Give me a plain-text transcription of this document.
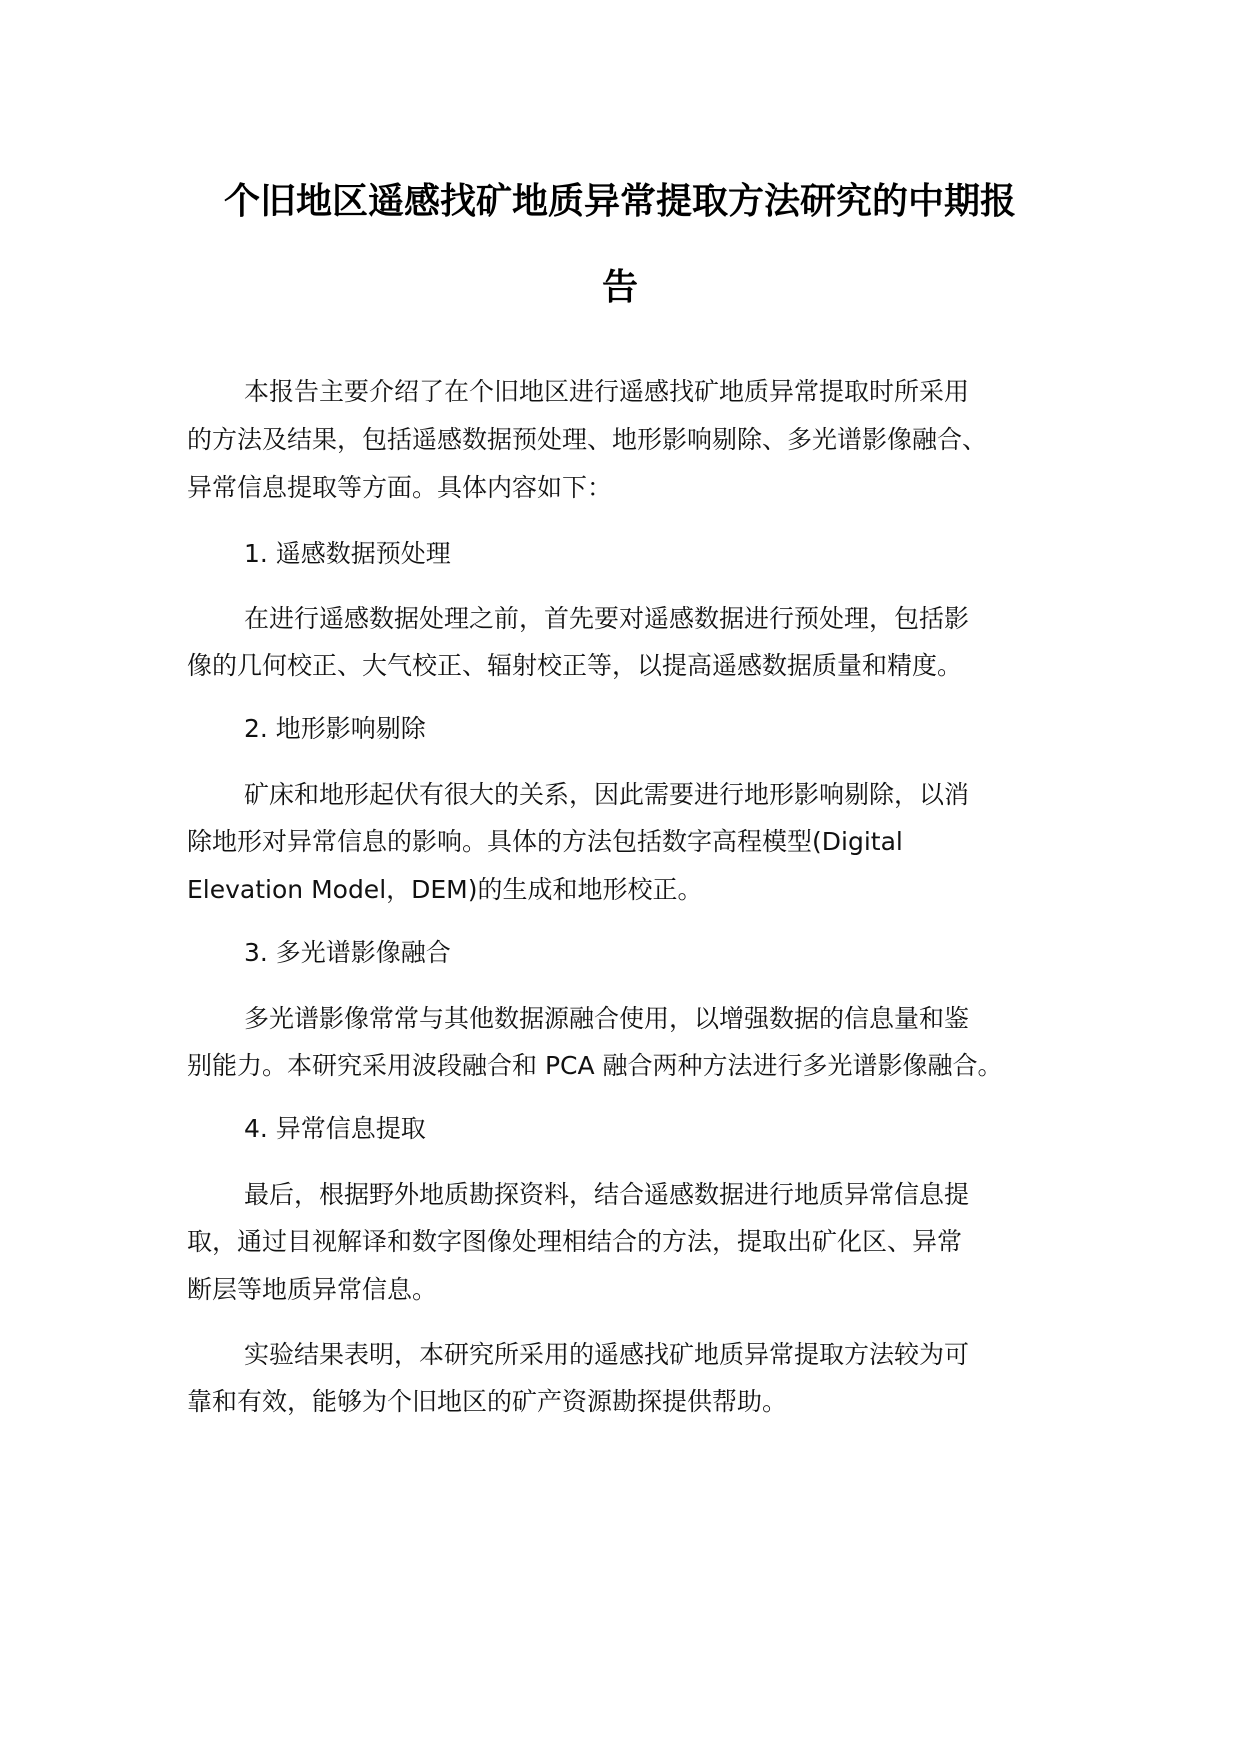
个旧地区遥感找矿地质异常提取方法研究的中期报
告
本报告主要介绍了在个旧地区进行遥感找矿地质异常提取时所采用
的方法及结果，包括遥感数据预处理、地形影响剔除、多光谱影像融合、
异常信息提取等方面。具体内容如下：
1. 遥感数据预处理
在进行遥感数据处理之前，首先要对遥感数据进行预处理，包括影
像的几何校正、大气校正、辐射校正等，以提高遥感数据质量和精度。
2. 地形影响剔除
矿床和地形起伏有很大的关系，因此需要进行地形影响剔除，以消
除地形对异常信息的影响。具体的方法包括数字高程模型(Digital
Elevation Model，DEM)的生成和地形校正。
3. 多光谱影像融合
多光谱影像常常与其他数据源融合使用，以增强数据的信息量和鉴
别能力。本研究采用波段融合和 PCA 融合两种方法进行多光谱影像融合。
4. 异常信息提取
最后，根据野外地质勘探资料，结合遥感数据进行地质异常信息提
取，通过目视解译和数字图像处理相结合的方法，提取出矿化区、异常
断层等地质异常信息。
实验结果表明，本研究所采用的遥感找矿地质异常提取方法较为可
靠和有效，能够为个旧地区的矿产资源勘探提供帮助。
